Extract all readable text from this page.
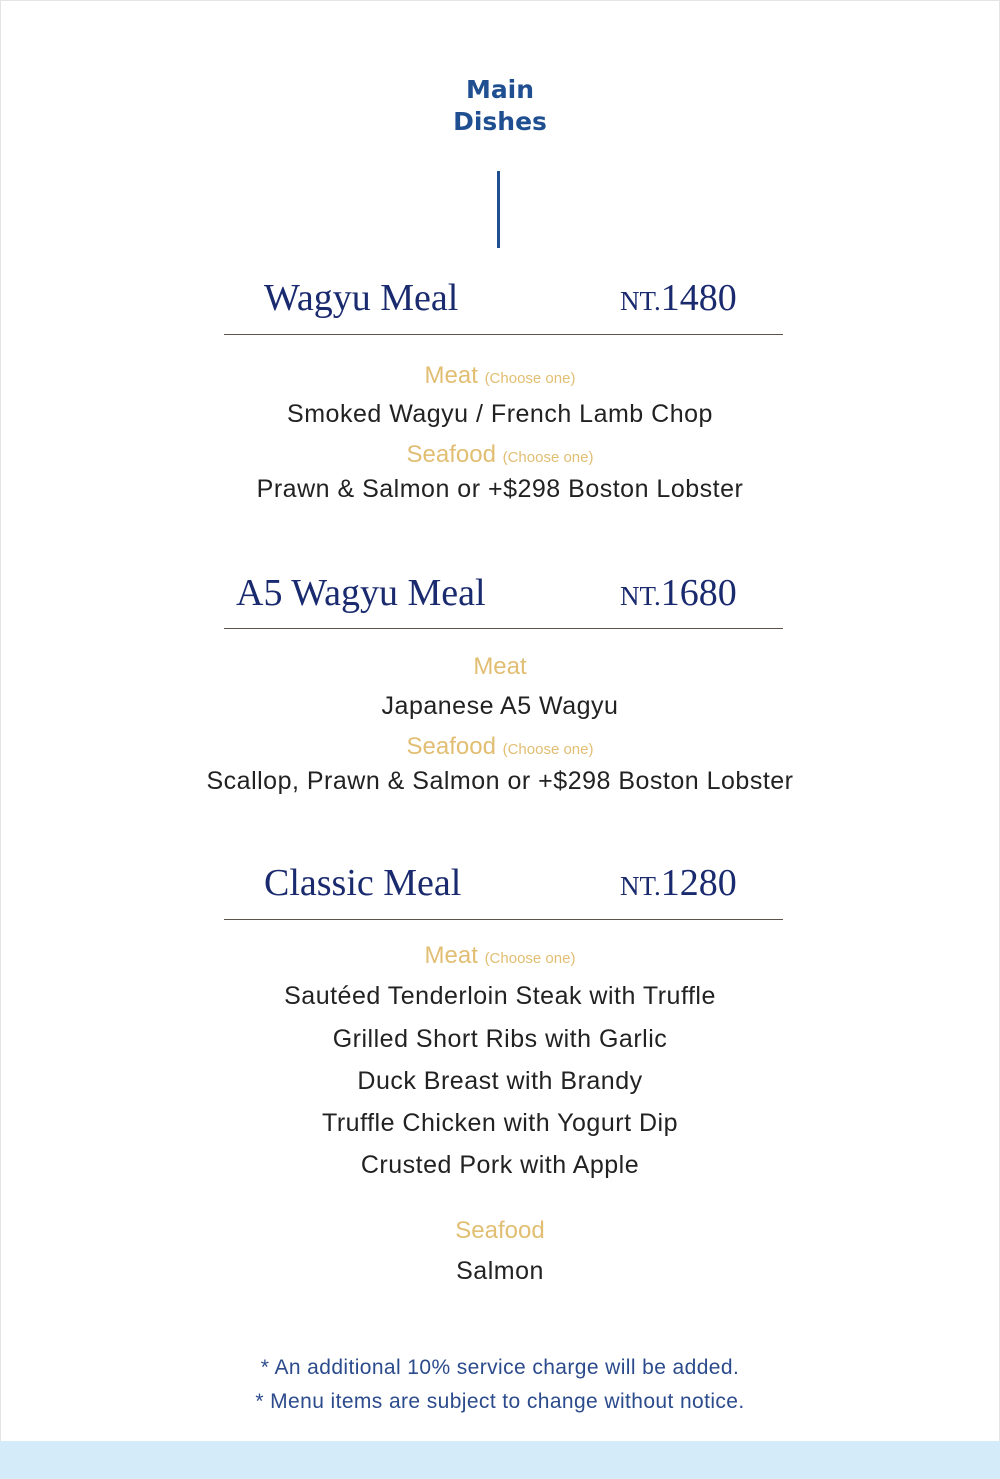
Main
Dishes
Wagyu Meal	NT.1480
Meat (Choose one)
Smoked Wagyu / French Lamb Chop
Seafood (Choose one)
Prawn & Salmon or +$298 Boston Lobster
A5 Wagyu Meal	NT.1680
Meat
Japanese A5 Wagyu
Seafood (Choose one)
Scallop, Prawn & Salmon or +$298 Boston Lobster
Classic Meal	NT.1280
Meat (Choose one)
Sautéed Tenderloin Steak with Truffle
Grilled Short Ribs with Garlic
Duck Breast with Brandy
Truffle Chicken with Yogurt Dip
Crusted Pork with Apple
Seafood
Salmon
* An additional 10% service charge will be added.
* Menu items are subject to change without notice.
